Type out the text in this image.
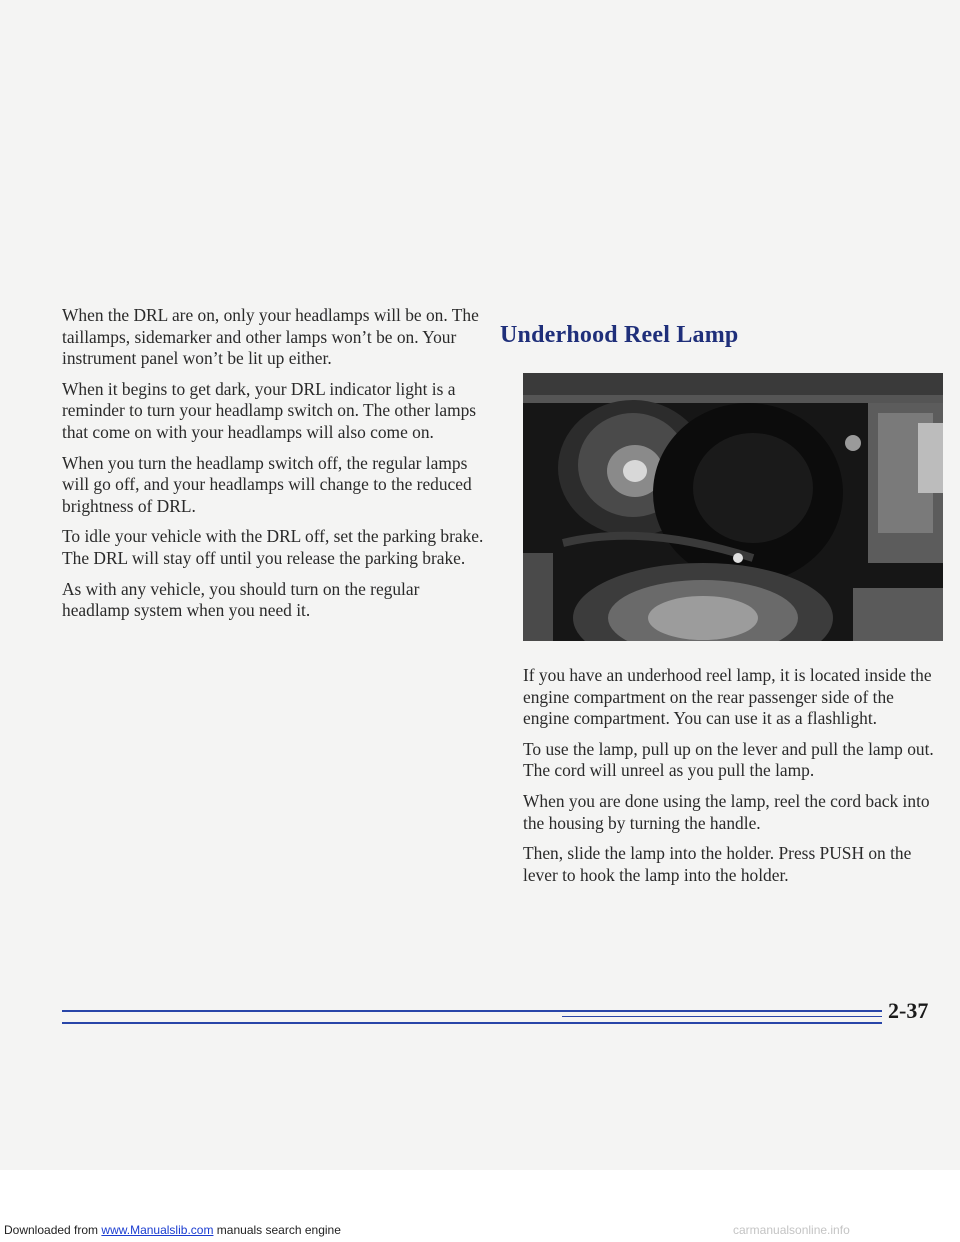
When the DRL are on, only your headlamps will be on. The taillamps, sidemarker and other lamps won’t be on. Your instrument panel won’t be lit up either.

When it begins to get dark, your DRL indicator light is a reminder to turn your headlamp switch on. The other lamps that come on with your headlamps will also come on.

When you turn the headlamp switch off, the regular lamps will go off, and your headlamps will change to the reduced brightness of DRL.

To idle your vehicle with the DRL off, set the parking brake. The DRL will stay off until you release the parking brake.

As with any vehicle, you should turn on the regular headlamp system when you need it.

Underhood Reel Lamp

If you have an underhood reel lamp, it is located inside the engine compartment on the rear passenger side of the engine compartment. You can use it as a flashlight.

To use the lamp, pull up on the lever and pull the lamp out. The cord will unreel as you pull the lamp.

When you are done using the lamp, reel the cord back into the housing by turning the handle.

Then, slide the lamp into the holder. Press PUSH on the lever to hook the lamp into the holder.

2-37
Downloaded from www.Manualslib.com manuals search engine	carmanualsonline.info
